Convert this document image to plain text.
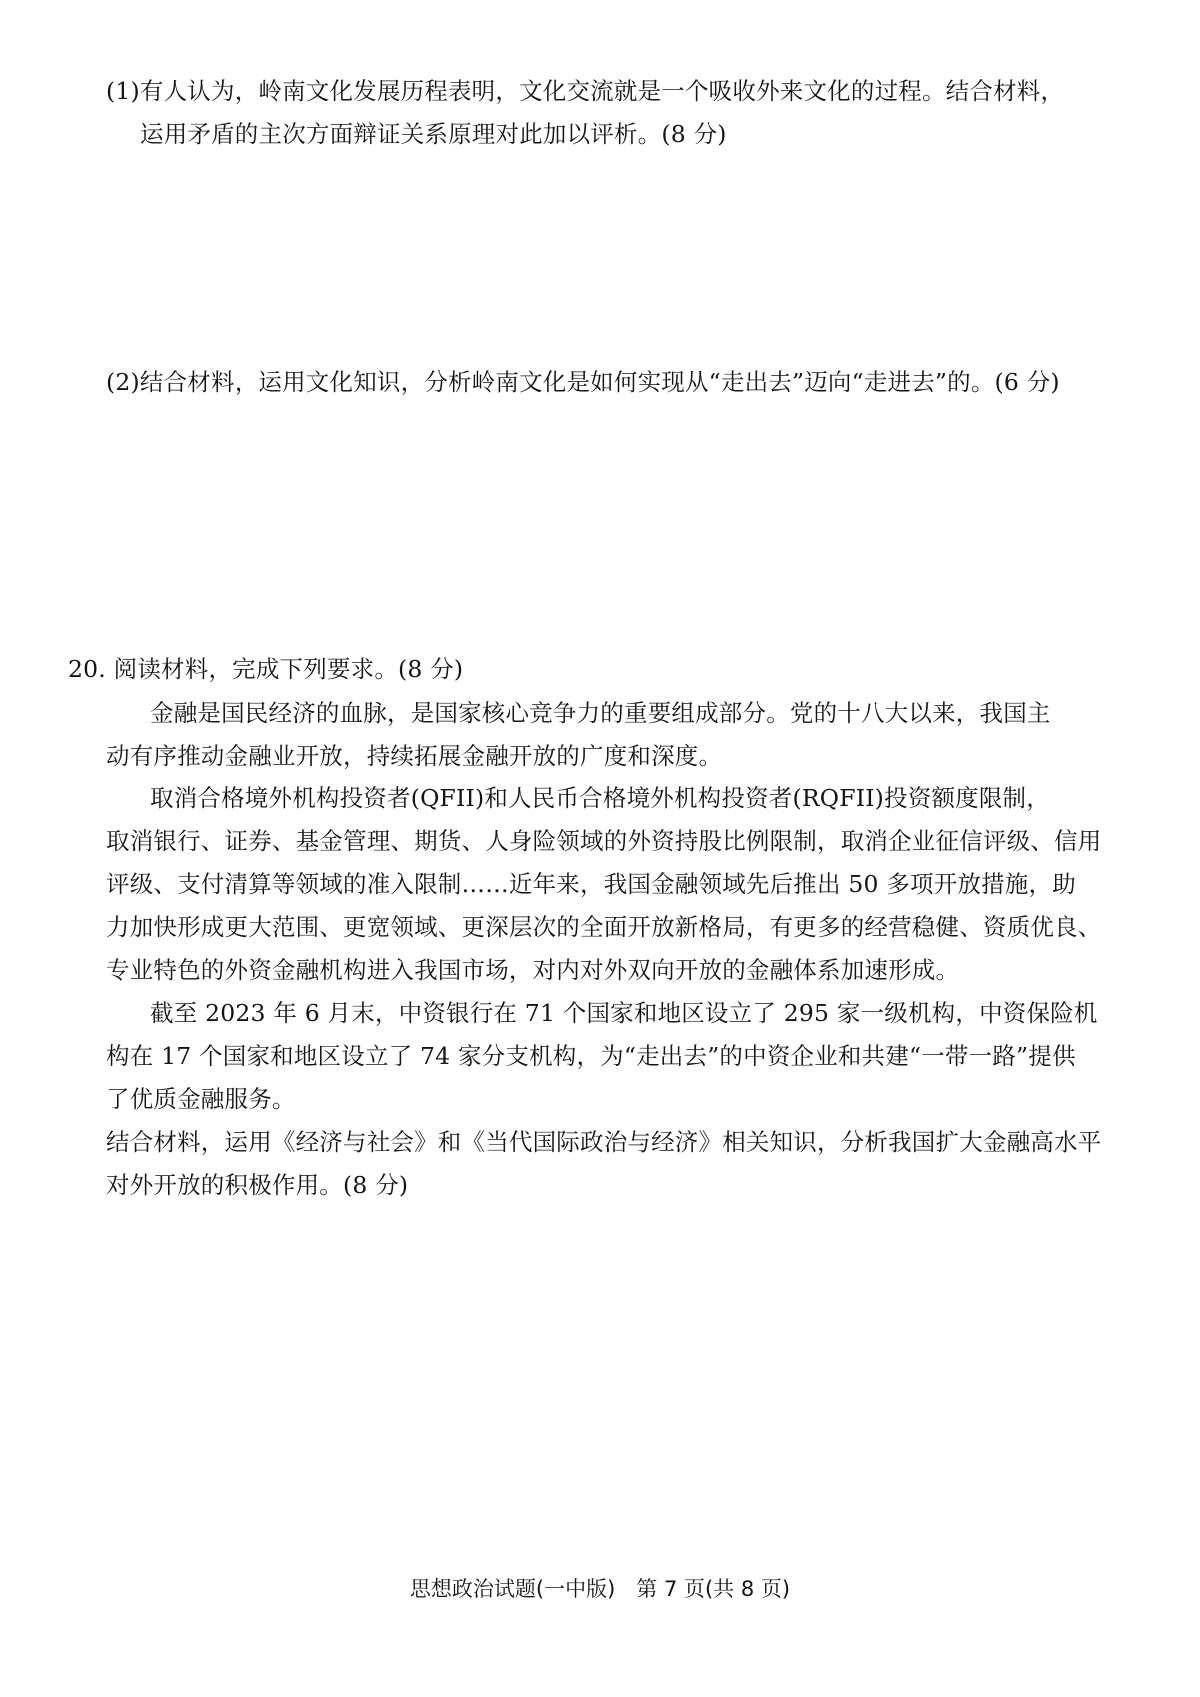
(1)有人认为，岭南文化发展历程表明，文化交流就是一个吸收外来文化的过程。结合材料，
运用矛盾的主次方面辩证关系原理对此加以评析。(8 分)
(2)结合材料，运用文化知识，分析岭南文化是如何实现从“走出去”迈向“走进去”的。(6 分)
20. 阅读材料，完成下列要求。(8 分)
金融是国民经济的血脉，是国家核心竞争力的重要组成部分。党的十八大以来，我国主
动有序推动金融业开放，持续拓展金融开放的广度和深度。
取消合格境外机构投资者(QFII)和人民币合格境外机构投资者(RQFII)投资额度限制，
取消银行、证券、基金管理、期货、人身险领域的外资持股比例限制，取消企业征信评级、信用
评级、支付清算等领域的准入限制……近年来，我国金融领域先后推出 50 多项开放措施，助
力加快形成更大范围、更宽领域、更深层次的全面开放新格局，有更多的经营稳健、资质优良、
专业特色的外资金融机构进入我国市场，对内对外双向开放的金融体系加速形成。
截至 2023 年 6 月末，中资银行在 71 个国家和地区设立了 295 家一级机构，中资保险机
构在 17 个国家和地区设立了 74 家分支机构，为“走出去”的中资企业和共建“一带一路”提供
了优质金融服务。
结合材料，运用《经济与社会》和《当代国际政治与经济》相关知识，分析我国扩大金融高水平
对外开放的积极作用。(8 分)
思想政治试题(一中版)　第 7 页(共 8 页)
